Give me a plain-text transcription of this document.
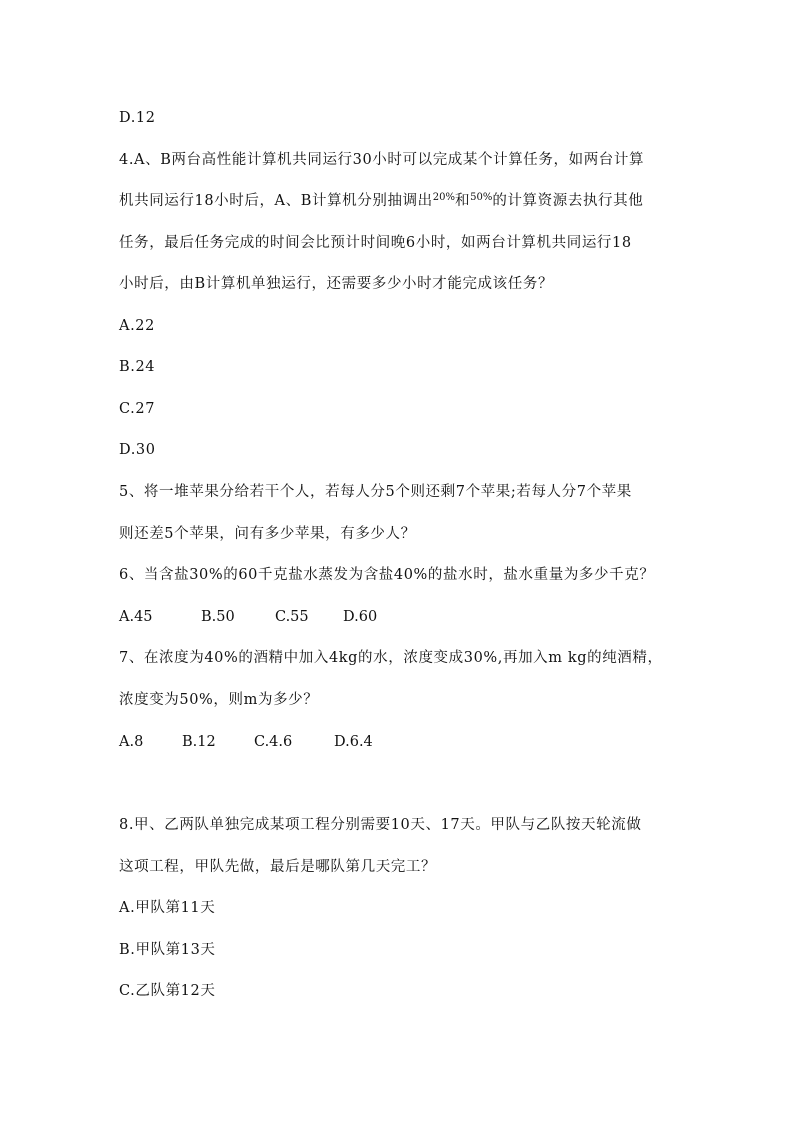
D.12
4.A、B两台高性能计算机共同运行30小时可以完成某个计算任务，如两台计算
机共同运行18小时后，A、B计算机分别抽调出$^{20\%}$和$^{50\%}$的计算资源去执行其他
任务，最后任务完成的时间会比预计时间晚6小时，如两台计算机共同运行18
小时后，由B计算机单独运行，还需要多少小时才能完成该任务？
A.22
B.24
C.27
D.30
5、将一堆苹果分给若干个人，若每人分5个则还剩7个苹果;若每人分7个苹果
则还差5个苹果，问有多少苹果，有多少人？
6、当含盐30%的60千克盐水蒸发为含盐40%的盐水时，盐水重量为多少千克？
A.45	B.50	C.55 D.60
7、在浓度为40%的酒精中加入4kg的水，浓度变成30%,再加入m kg的纯酒精，
浓度变为50%，则m为多少？
A.8	B.12	C.4.6	D.6.4
8.甲、乙两队单独完成某项工程分别需要10天、17天。甲队与乙队按天轮流做
这项工程，甲队先做，最后是哪队第几天完工？
A.甲队第11天
B.甲队第13天
C.乙队第12天
